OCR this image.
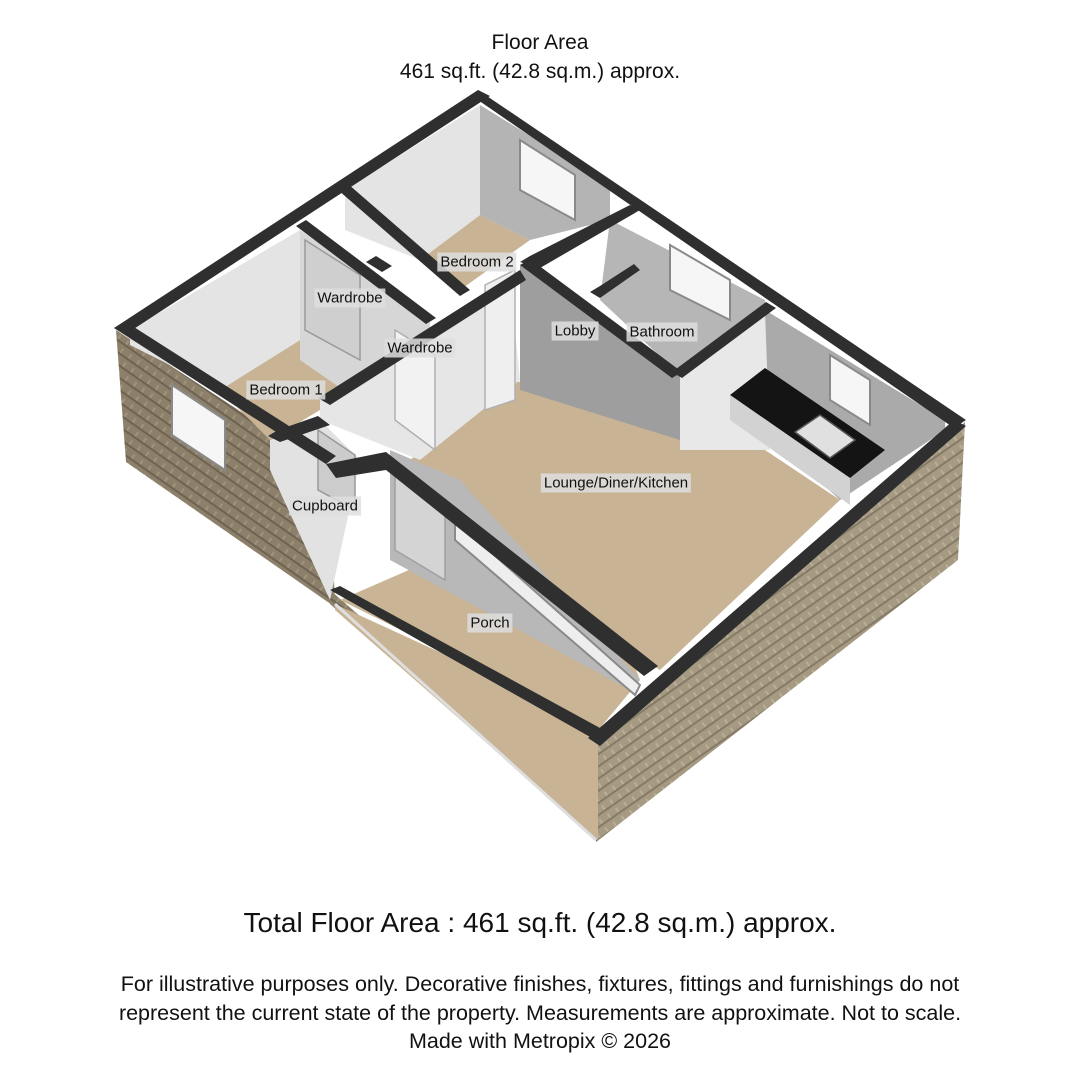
Floor Area
461 sq.ft. (42.8 sq.m.) approx.
Bedroom 1
Bedroom 2
Wardrobe
Wardrobe
Lobby Bathroom
Lounge/Diner/Kitchen
Cupboard
Porch
Total Floor Area : 461 sq.ft. (42.8 sq.m.) approx.
For illustrative purposes only. Decorative finishes, fixtures, fittings and furnishings do not
represent the current state of the property. Measurements are approximate. Not to scale.
Made with Metropix © 2026
